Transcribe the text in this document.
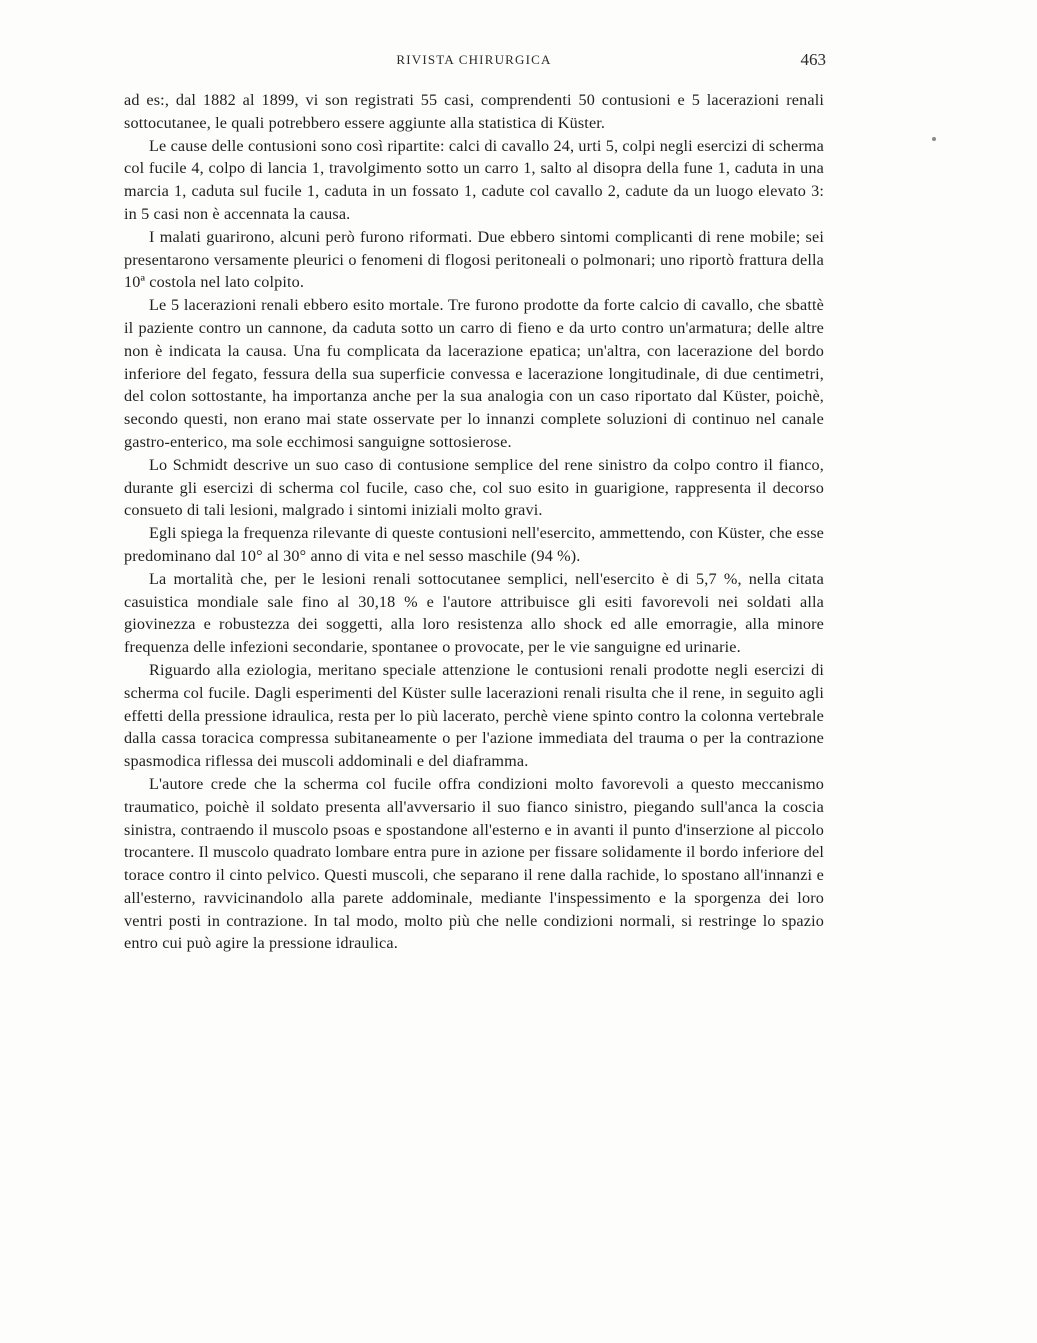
RIVISTA CHIRURGICA	463

ad es:, dal 1882 al 1899, vi son registrati 55 casi, comprendenti 50 contusioni e 5 lacerazioni renali sottocutanee, le quali potrebbero essere aggiunte alla statistica di Küster.

Le cause delle contusioni sono così ripartite: calci di cavallo 24, urti 5, colpi negli esercizi di scherma col fucile 4, colpo di lancia 1, travolgimento sotto un carro 1, salto al disopra della fune 1, caduta in una marcia 1, caduta sul fucile 1, caduta in un fossato 1, cadute col cavallo 2, cadute da un luogo elevato 3: in 5 casi non è accennata la causa.

I malati guarirono, alcuni però furono riformati. Due ebbero sintomi complicanti di rene mobile; sei presentarono versamente pleurici o fenomeni di flogosi peritoneali o polmonari; uno riportò frattura della 10ª costola nel lato colpito.

Le 5 lacerazioni renali ebbero esito mortale. Tre furono prodotte da forte calcio di cavallo, che sbattè il paziente contro un cannone, da caduta sotto un carro di fieno e da urto contro un'armatura; delle altre non è indicata la causa. Una fu complicata da lacerazione epatica; un'altra, con lacerazione del bordo inferiore del fegato, fessura della sua superficie convessa e lacerazione longitudinale, di due centimetri, del colon sottostante, ha importanza anche per la sua analogia con un caso riportato dal Küster, poichè, secondo questi, non erano mai state osservate per lo innanzi complete soluzioni di continuo nel canale gastro-enterico, ma sole ecchimosi sanguigne sottosierose.

Lo Schmidt descrive un suo caso di contusione semplice del rene sinistro da colpo contro il fianco, durante gli esercizi di scherma col fucile, caso che, col suo esito in guarigione, rappresenta il decorso consueto di tali lesioni, malgrado i sintomi iniziali molto gravi.

Egli spiega la frequenza rilevante di queste contusioni nell'esercito, ammettendo, con Küster, che esse predominano dal 10° al 30° anno di vita e nel sesso maschile (94 %).

La mortalità che, per le lesioni renali sottocutanee semplici, nell'esercito è di 5,7 %, nella citata casuistica mondiale sale fino al 30,18 % e l'autore attribuisce gli esiti favorevoli nei soldati alla giovinezza e robustezza dei soggetti, alla loro resistenza allo shock ed alle emorragie, alla minore frequenza delle infezioni secondarie, spontanee o provocate, per le vie sanguigne ed urinarie.

Riguardo alla eziologia, meritano speciale attenzione le contusioni renali prodotte negli esercizi di scherma col fucile. Dagli esperimenti del Küster sulle lacerazioni renali risulta che il rene, in seguito agli effetti della pressione idraulica, resta per lo più lacerato, perchè viene spinto contro la colonna vertebrale dalla cassa toracica compressa subitaneamente o per l'azione immediata del trauma o per la contrazione spasmodica riflessa dei muscoli addominali e del diaframma.

L'autore crede che la scherma col fucile offra condizioni molto favorevoli a questo meccanismo traumatico, poichè il soldato presenta all'avversario il suo fianco sinistro, piegando sull'anca la coscia sinistra, contraendo il muscolo psoas e spostandone all'esterno e in avanti il punto d'inserzione al piccolo trocantere. Il muscolo quadrato lombare entra pure in azione per fissare solidamente il bordo inferiore del torace contro il cinto pelvico. Questi muscoli, che separano il rene dalla rachide, lo spostano all'innanzi e all'esterno, ravvicinandolo alla parete addominale, mediante l'inspessimento e la sporgenza dei loro ventri posti in contrazione. In tal modo, molto più che nelle condizioni normali, si restringe lo spazio entro cui può agire la pressione idraulica.
